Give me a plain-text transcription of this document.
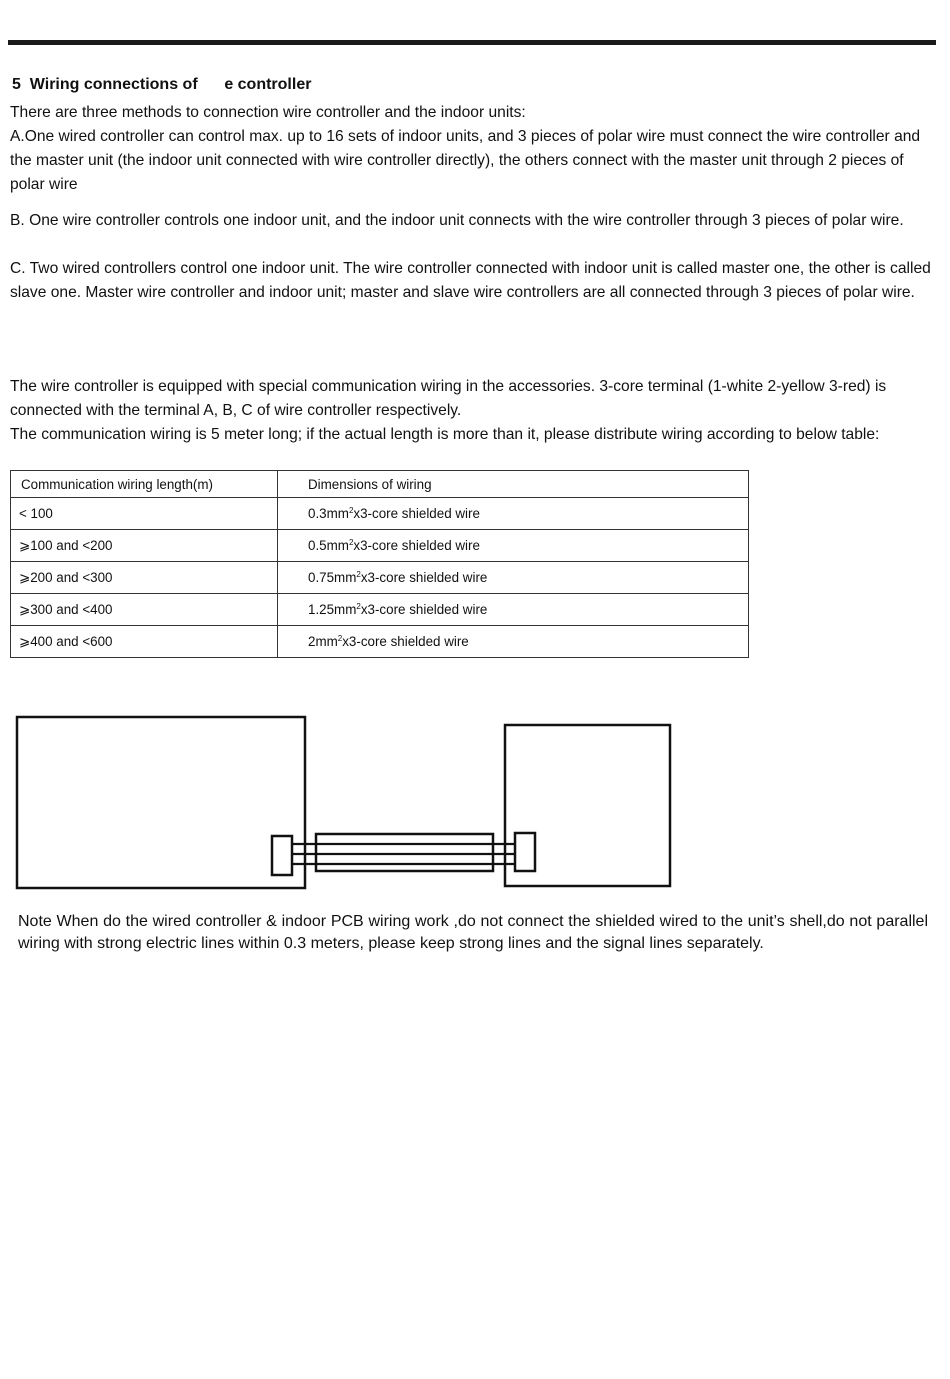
5  Wiring connections of      e controller

There are three methods to connection wire controller and the indoor units:

A.One wired controller can control max. up to 16 sets of indoor units, and 3 pieces of polar wire must connect the wire controller and the master unit (the indoor unit connected with wire controller directly), the others connect with the master unit through 2 pieces of polar wire

B. One wire controller controls one indoor unit, and the indoor unit connects with the wire controller through 3 pieces of polar wire.

C. Two wired controllers control one indoor unit. The wire controller connected with indoor unit is called master one, the other is called slave one. Master wire controller and indoor unit; master and slave wire controllers are all connected through 3 pieces of polar wire.

The wire controller is equipped with special communication wiring in the accessories. 3-core terminal (1-white 2-yellow 3-red) is connected with the terminal A, B, C of wire controller respectively.

The communication wiring is 5 meter long; if the actual length is more than it, please distribute wiring according to below table:

Communication wiring length(m)	Dimensions of wiring
< 100	$0.3mm^2x3$-core shielded wire
⩾100 and <200	$0.5mm^2x3$-core shielded wire
⩾200 and <300	$0.75mm^2x3$-core shielded wire
⩾300 and <400	$1.25mm^2x3$-core shielded wire
⩾400 and <600	$2mm^2x3$-core shielded wire

Note When do the wired controller & indoor PCB wiring work ,do not connect the shielded wired to the unit’s shell,do not parallel wiring with strong electric lines within 0.3 meters, please keep strong lines and the signal lines separately.
